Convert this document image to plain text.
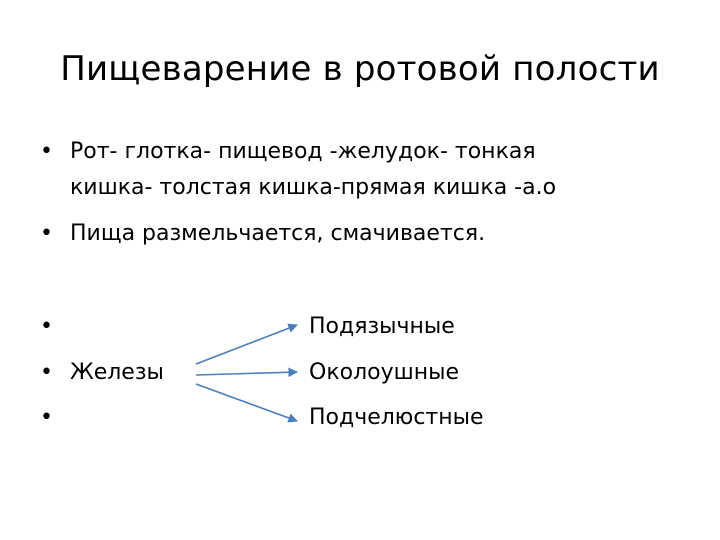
Пищеварение в ротовой полости
• Рот- глотка- пищевод -желудок- тонкая
кишка- толстая кишка-прямая кишка -а.о
• Пища размельчается, смачивается.
•
• Железы
•
Подязычные
Околоушные
Подчелюстные
